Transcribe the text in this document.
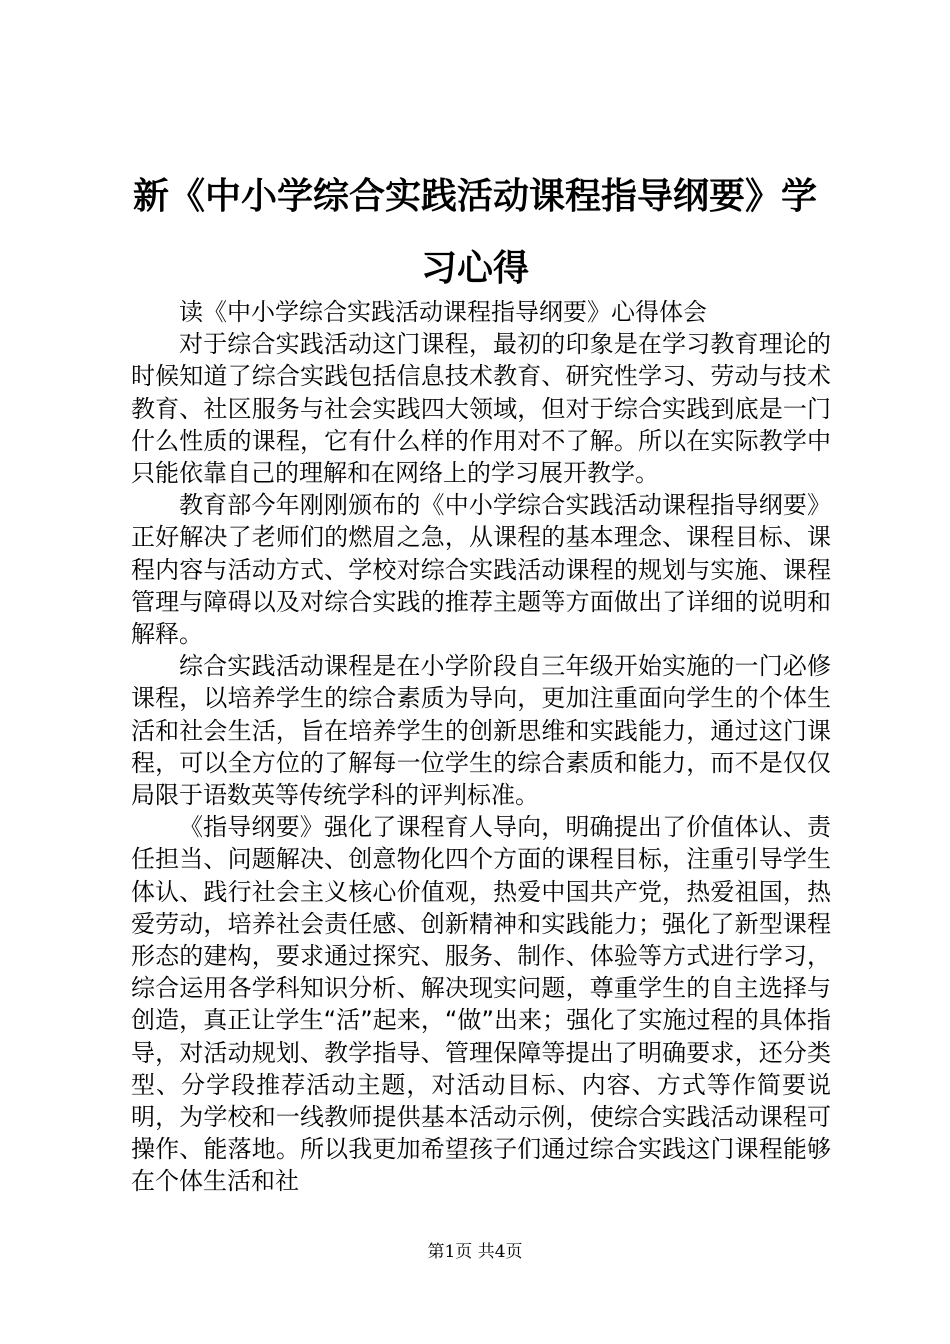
新《中小学综合实践活动课程指导纲要》学习心得

读《中小学综合实践活动课程指导纲要》心得体会

对于综合实践活动这门课程，最初的印象是在学习教育理论的时候知道了综合实践包括信息技术教育、研究性学习、劳动与技术教育、社区服务与社会实践四大领域，但对于综合实践到底是一门什么性质的课程，它有什么样的作用对不了解。所以在实际教学中只能依靠自己的理解和在网络上的学习展开教学。

教育部今年刚刚颁布的《中小学综合实践活动课程指导纲要》正好解决了老师们的燃眉之急，从课程的基本理念、课程目标、课程内容与活动方式、学校对综合实践活动课程的规划与实施、课程管理与障碍以及对综合实践的推荐主题等方面做出了详细的说明和解释。

综合实践活动课程是在小学阶段自三年级开始实施的一门必修课程，以培养学生的综合素质为导向，更加注重面向学生的个体生活和社会生活，旨在培养学生的创新思维和实践能力，通过这门课程，可以全方位的了解每一位学生的综合素质和能力，而不是仅仅局限于语数英等传统学科的评判标准。

《指导纲要》强化了课程育人导向，明确提出了价值体认、责任担当、问题解决、创意物化四个方面的课程目标，注重引导学生体认、践行社会主义核心价值观，热爱中国共产党，热爱祖国，热爱劳动，培养社会责任感、创新精神和实践能力；强化了新型课程形态的建构，要求通过探究、服务、制作、体验等方式进行学习，综合运用各学科知识分析、解决现实问题，尊重学生的自主选择与创造，真正让学生“活”起来，“做”出来；强化了实施过程的具体指导，对活动规划、教学指导、管理保障等提出了明确要求，还分类型、分学段推荐活动主题，对活动目标、内容、方式等作简要说明，为学校和一线教师提供基本活动示例，使综合实践活动课程可操作、能落地。所以我更加希望孩子们通过综合实践这门课程能够在个体生活和社

第1页 共4页
